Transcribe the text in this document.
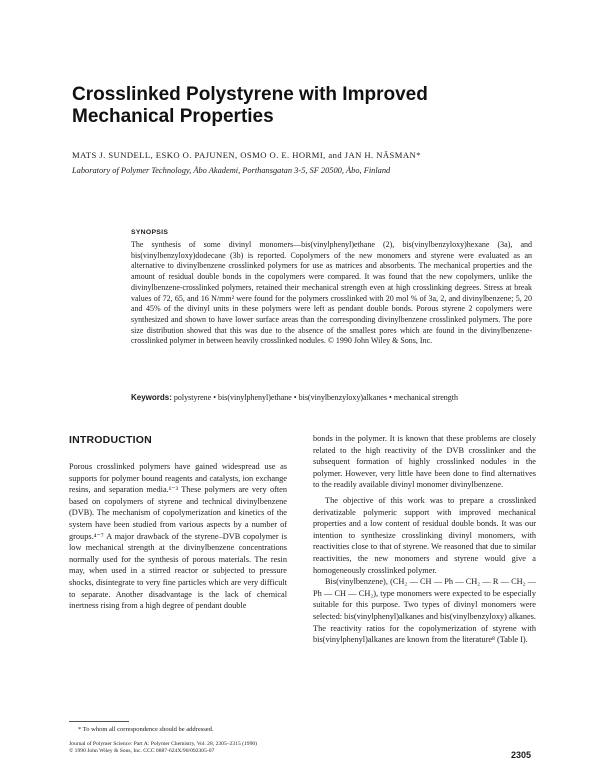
Crosslinked Polystyrene with Improved
Mechanical Properties
MATS J. SUNDELL, ESKO O. PAJUNEN, OSMO O. E. HORMI, and JAN H. NÄSMAN*
Laboratory of Polymer Technology, Åbo Akademi, Porthansgatan 3-5, SF 20500, Åbo, Finland
SYNOPSIS

The synthesis of some divinyl monomers—bis(vinylphenyl)ethane (2), bis(vinylbenzyloxy)hexane (3a), and bis(vinylbenzyloxy)dodecane (3b) is reported. Copolymers of the new monomers and styrene were evaluated as an alternative to divinylbenzene crosslinked polymers for use as matrices and absorbents. The mechanical properties and the amount of residual double bonds in the copolymers were compared. It was found that the new copolymers, unlike the divinylbenzene-crosslinked polymers, retained their mechanical strength even at high crosslinking degrees. Stress at break values of 72, 65, and 16 N/mm² were found for the polymers crosslinked with 20 mol % of 3a, 2, and divinylbenzene; 5, 20 and 45% of the divinyl units in these polymers were left as pendant double bonds. Porous styrene 2 copolymers were synthesized and shown to have lower surface areas than the corresponding divinylbenzene crosslinked polymers. The pore size distribution showed that this was due to the absence of the smallest pores which are found in the divinylbenzene-crosslinked polymer in between heavily crosslinked nodules. © 1990 John Wiley & Sons, Inc.

Keywords: polystyrene • bis(vinylphenyl)ethane • bis(vinylbenzyloxy)alkanes • mechanical strength
INTRODUCTION

Porous crosslinked polymers have gained widespread use as supports for polymer bound reagents and catalysts, ion exchange resins, and separation media.¹⁻³ These polymers are very often based on copolymers of styrene and technical divinylbenzene (DVB). The mechanism of copolymerization and kinetics of the system have been studied from various aspects by a number of groups.⁴⁻⁷ A major drawback of the styrene–DVB copolymer is low mechanical strength at the divinylbenzene concentrations normally used for the synthesis of porous materials. The resin may, when used in a stirred reactor or subjected to pressure shocks, disintegrate to very fine particles which are very difficult to separate. Another disadvantage is the lack of chemical inertness rising from a high degree of pendant double

bonds in the polymer. It is known that these problems are closely related to the high reactivity of the DVB crosslinker and the subsequent formation of highly crosslinked nodules in the polymer. However, very little have been done to find alternatives to the readily available divinyl monomer divinylbenzene.

The objective of this work was to prepare a crosslinked derivatizable polymeric support with improved mechanical properties and a low content of residual double bonds. It was our intention to synthesize crosslinking divinyl monomers, with reactivities close to that of styrene. We reasoned that due to similar reactivities, the new monomers and styrene would give a homogeneously crosslinked polymer.

Bis(vinylbenzene), (CH₂ — CH — Ph — CH₂ — R — CH₂ — Ph — CH — CH₂), type monomers were expected to be especially suitable for this purpose. Two types of divinyl monomers were selected: bis(vinylphenyl)alkanes and bis(vinylbenzyloxy) alkanes. The reactivity ratios for the copolymerization of styrene with bis(vinylphenyl)alkanes are known from the literature⁸ (Table I).

* To whom all correspondence should be addressed.
Journal of Polymer Science: Part A: Polymer Chemistry, Vol. 28, 2305–2315 (1990)
© 1990 John Wiley & Sons, Inc. CCC 0887-624X/90/092305-07	2305
